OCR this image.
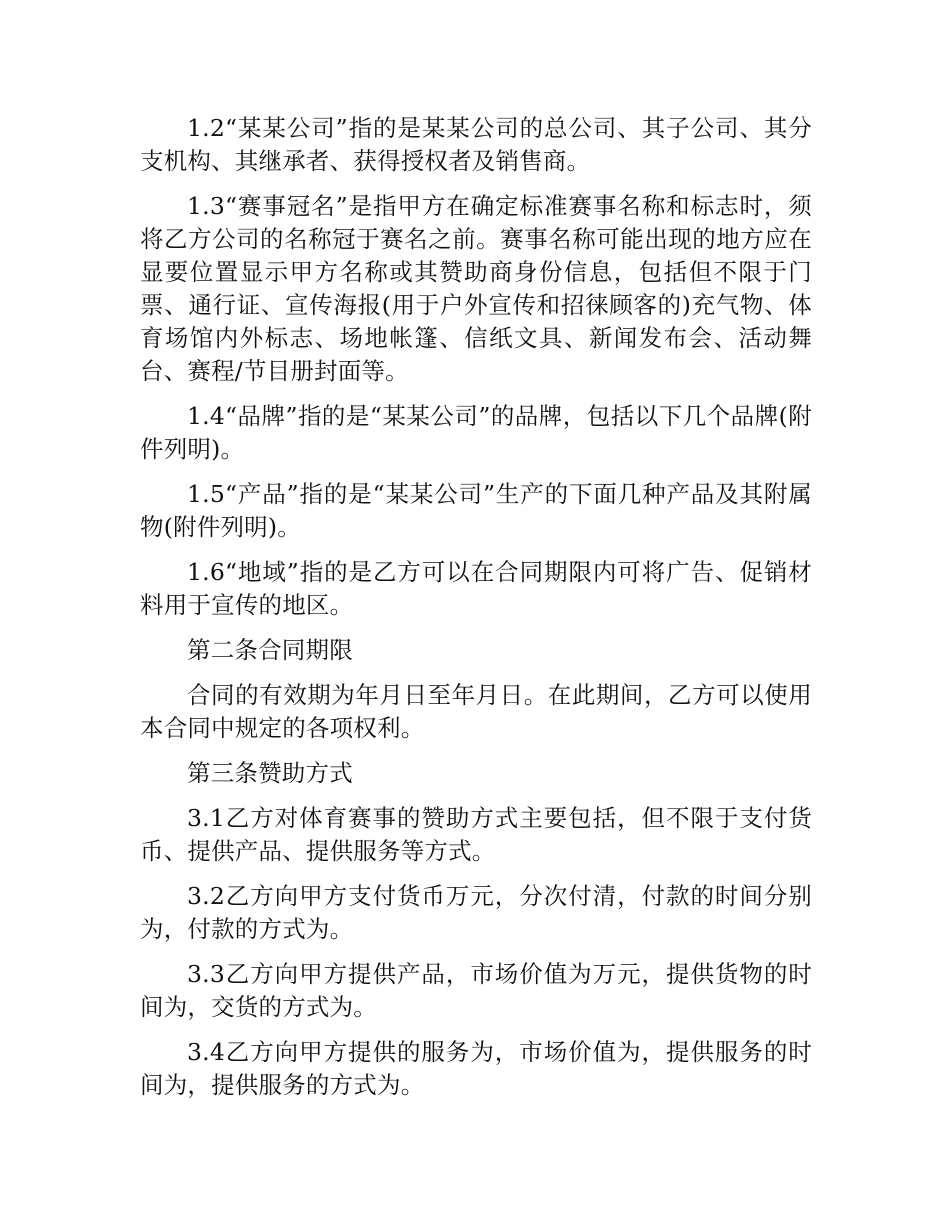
1.2“某某公司”指的是某某公司的总公司、其子公司、其分支机构、其继承者、获得授权者及销售商。

1.3“赛事冠名”是指甲方在确定标准赛事名称和标志时，须将乙方公司的名称冠于赛名之前。赛事名称可能出现的地方应在显要位置显示甲方名称或其赞助商身份信息，包括但不限于门票、通行证、宣传海报(用于户外宣传和招徕顾客的)充气物、体育场馆内外标志、场地帐篷、信纸文具、新闻发布会、活动舞台、赛程/节目册封面等。

1.4“品牌”指的是“某某公司”的品牌，包括以下几个品牌(附件列明)。

1.5“产品”指的是“某某公司”生产的下面几种产品及其附属物(附件列明)。

1.6“地域”指的是乙方可以在合同期限内可将广告、促销材料用于宣传的地区。

第二条合同期限

合同的有效期为年月日至年月日。在此期间，乙方可以使用本合同中规定的各项权利。

第三条赞助方式

3.1乙方对体育赛事的赞助方式主要包括，但不限于支付货币、提供产品、提供服务等方式。

3.2乙方向甲方支付货币万元，分次付清，付款的时间分别为，付款的方式为。

3.3乙方向甲方提供产品，市场价值为万元，提供货物的时间为，交货的方式为。

3.4乙方向甲方提供的服务为，市场价值为，提供服务的时间为，提供服务的方式为。
